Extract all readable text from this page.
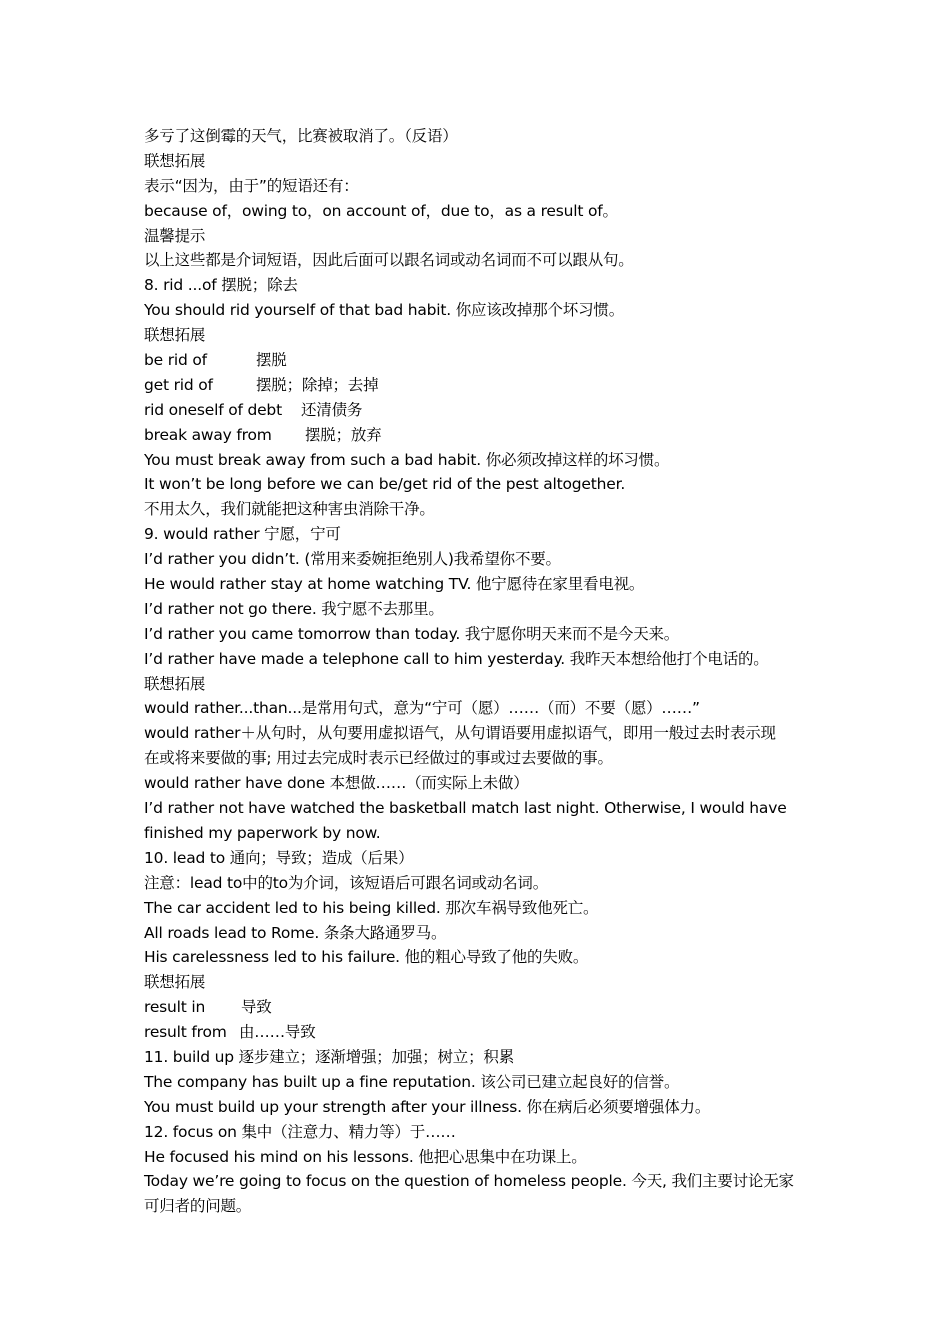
多亏了这倒霉的天气，比赛被取消了。（反语）
联想拓展
表示“因为，由于”的短语还有：
because of，owing to，on account of，due to，as a result of。
温馨提示
以上这些都是介词短语，因此后面可以跟名词或动名词而不可以跟从句。
8. rid ...of 摆脱；除去
You should rid yourself of that bad habit. 你应该改掉那个坏习惯。
联想拓展
be rid of	摆脱
get rid of	摆脱；除掉；去掉
rid oneself of debt	还清债务
break away from	摆脱；放弃
You must break away from such a bad habit. 你必须改掉这样的坏习惯。
It won’t be long before we can be/get rid of the pest altogether.
不用太久，我们就能把这种害虫消除干净。
9. would rather 宁愿，宁可
I’d rather you didn’t. (常用来委婉拒绝别人)我希望你不要。
He would rather stay at home watching TV. 他宁愿待在家里看电视。
I’d rather not go there. 我宁愿不去那里。
I’d rather you came tomorrow than today. 我宁愿你明天来而不是今天来。
I’d rather have made a telephone call to him yesterday. 我昨天本想给他打个电话的。
联想拓展
would rather...than...是常用句式，意为“宁可（愿）……（而）不要（愿）……”
would rather＋从句时，从句要用虚拟语气，从句谓语要用虚拟语气，即用一般过去时表示现
在或将来要做的事; 用过去完成时表示已经做过的事或过去要做的事。
would rather have done 本想做……（而实际上未做）
I’d rather not have watched the basketball match last night. Otherwise, I would have
finished my paperwork by now.
10. lead to 通向；导致；造成（后果）
注意：lead to中的to为介词，该短语后可跟名词或动名词。
The car accident led to his being killed. 那次车祸导致他死亡。
All roads lead to Rome. 条条大路通罗马。
His carelessness led to his failure. 他的粗心导致了他的失败。
联想拓展
result in	导致
result from 由……导致
11. build up 逐步建立；逐渐增强；加强；树立；积累
The company has built up a fine reputation. 该公司已建立起良好的信誉。
You must build up your strength after your illness. 你在病后必须要增强体力。
12. focus on 集中（注意力、精力等）于……
He focused his mind on his lessons. 他把心思集中在功课上。
Today we’re going to focus on the question of homeless people. 今天, 我们主要讨论无家
可归者的问题。
